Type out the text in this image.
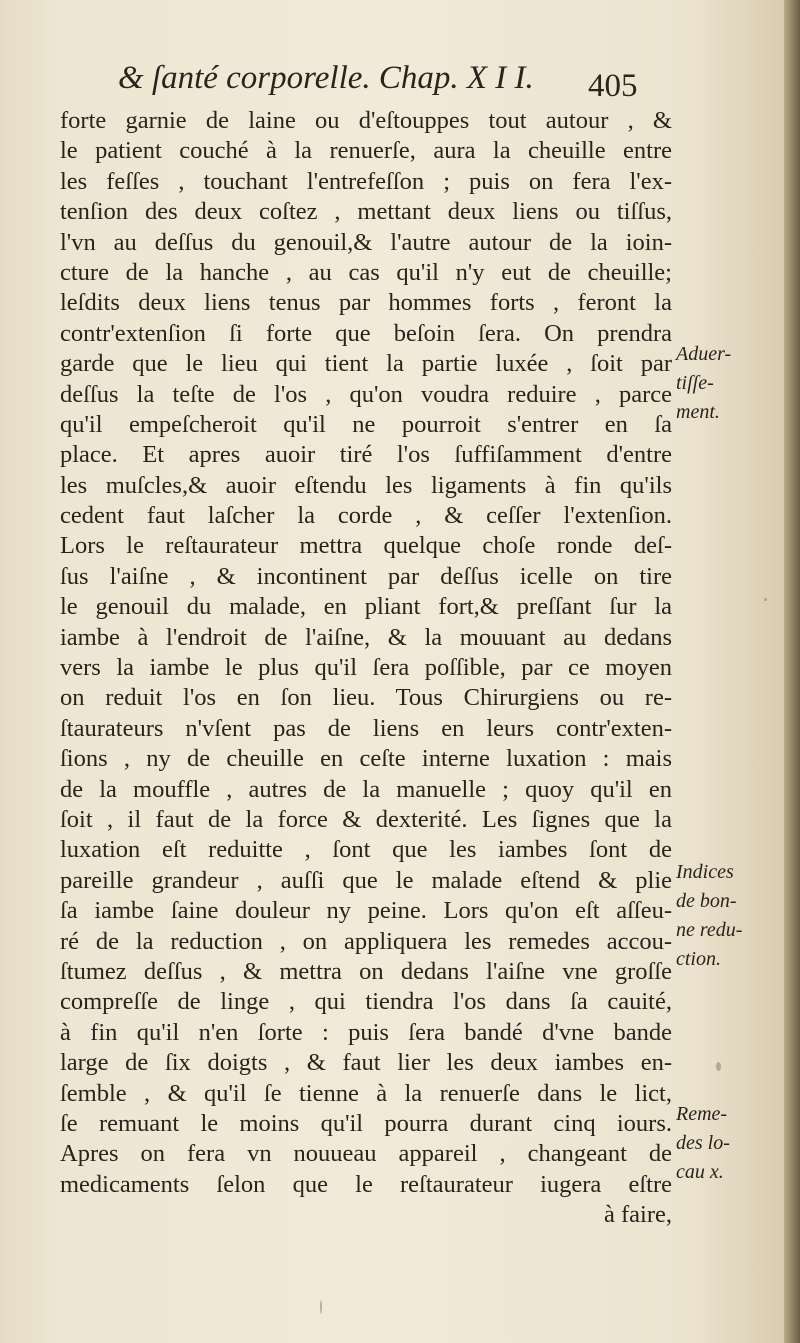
& ſanté corporelle. Chap. X I I.	405
forte garnie de laine ou d'eſtouppes tout autour , &
le patient couché à la renuerſe, aura la cheuille entre
les feſſes , touchant l'entrefeſſon ; puis on fera l'ex-
tenſion des deux coſtez , mettant deux liens ou tiſſus,
l'vn au deſſus du genouil,& l'autre autour de la ioin-
cture de la hanche , au cas qu'il n'y eut de cheuille;
leſdits deux liens tenus par hommes forts , feront la
contr'extenſion ſi forte que beſoin ſera. On prendra
garde que le lieu qui tient la partie luxée , ſoit par
deſſus la teſte de l'os , qu'on voudra reduire , parce
qu'il empeſcheroit qu'il ne pourroit s'entrer en ſa
place. Et apres auoir tiré l'os ſuffiſamment d'entre
les muſcles,& auoir eſtendu les ligaments à fin qu'ils
cedent faut laſcher la corde , & ceſſer l'extenſion.
Lors le reſtaurateur mettra quelque choſe ronde deſ-
ſus l'aiſne , & incontinent par deſſus icelle on tire
le genouil du malade, en pliant fort,& preſſant ſur la
iambe à l'endroit de l'aiſne, & la mouuant au dedans
vers la iambe le plus qu'il ſera poſſible, par ce moyen
on reduit l'os en ſon lieu. Tous Chirurgiens ou re-
ſtaurateurs n'vſent pas de liens en leurs contr'exten-
ſions , ny de cheuille en ceſte interne luxation : mais
de la mouffle , autres de la manuelle ; quoy qu'il en
ſoit , il faut de la force & dexterité. Les ſignes que la
luxation eſt reduitte , ſont que les iambes ſont de
pareille grandeur , auſſi que le malade eſtend & plie
ſa iambe ſaine douleur ny peine. Lors qu'on eſt aſſeu-
ré de la reduction , on appliquera les remedes accou-
ſtumez deſſus , & mettra on dedans l'aiſne vne groſſe
compreſſe de linge , qui tiendra l'os dans ſa cauité,
à fin qu'il n'en ſorte : puis ſera bandé d'vne bande
large de ſix doigts , & faut lier les deux iambes en-
ſemble , & qu'il ſe tienne à la renuerſe dans le lict,
ſe remuant le moins qu'il pourra durant cinq iours.
Apres on fera vn nouueau appareil , changeant de
medicaments ſelon que le reſtaurateur iugera eſtre
à faire,
Aduer-
tiſſe-
ment.
Indices
de bon-
ne redu-
ction.
Reme-
des lo-
cau x.
